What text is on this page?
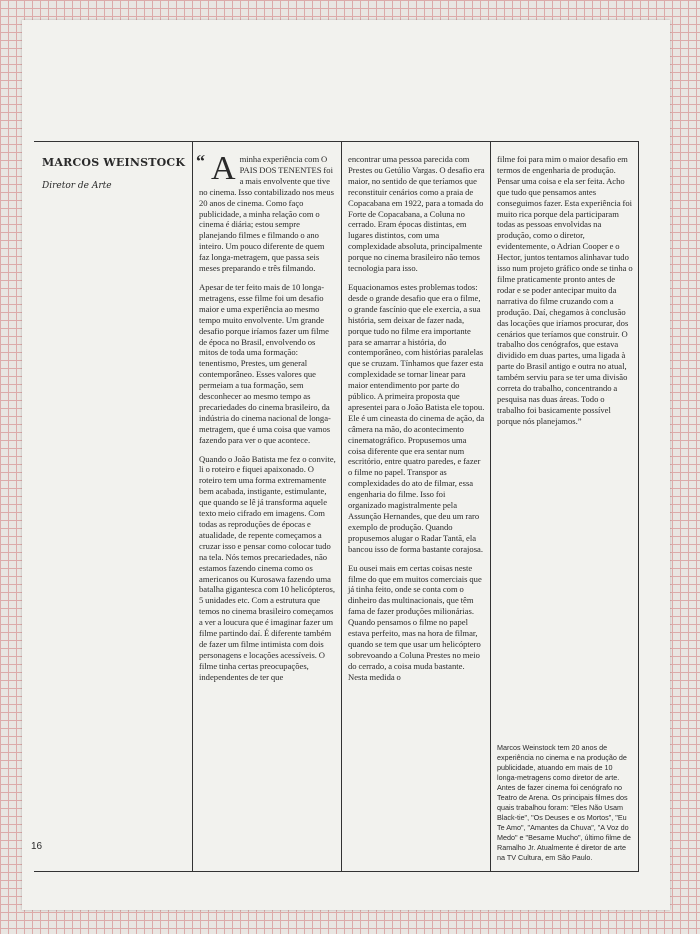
MARCOS WEINSTOCK

Diretor de Arte

“ A minha experiência com O PAIS DOS TENENTES foi a mais envolvente que tive no cinema. Isso contabilizado nos meus 20 anos de cinema. Como faço publicidade, a minha relação com o cinema é diária; estou sempre planejando filmes e filmando o ano inteiro. Um pouco diferente de quem faz longa-metragem, que passa seis meses preparando e três filmando.

Apesar de ter feito mais de 10 longa-metragens, esse filme foi um desafio maior e uma experiência ao mesmo tempo muito envolvente. Um grande desafio porque iríamos fazer um filme de época no Brasil, envolvendo os mitos de toda uma formação: tenentismo, Prestes, um general contemporâneo. Esses valores que permeiam a tua formação, sem desconhecer ao mesmo tempo as precariedades do cinema brasileiro, da indústria do cinema nacional de longa-metragem, que é uma coisa que vamos fazendo para ver o que acontece.

Quando o João Batista me fez o convite, li o roteiro e fiquei apaixonado. O roteiro tem uma forma extremamente bem acabada, instigante, estimulante, que quando se lê já transforma aquele texto meio cifrado em imagens. Com todas as reproduções de épocas e atualidade, de repente começamos a cruzar isso e pensar como colocar tudo na tela. Nós temos precariedades, não estamos fazendo cinema como os americanos ou Kurosawa fazendo uma batalha gigantesca com 10 helicópteros, 5 unidades etc. Com a estrutura que temos no cinema brasileiro começamos a ver a loucura que é imaginar fazer um filme partindo daí. É diferente também de fazer um filme intimista com dois personagens e locações acessíveis. O filme tinha certas preocupações, independentes de ter que

encontrar uma pessoa parecida com Prestes ou Getúlio Vargas. O desafio era maior, no sentido de que teríamos que reconstituir cenários como a praia de Copacabana em 1922, para a tomada do Forte de Copacabana, a Coluna no cerrado. Eram épocas distintas, em lugares distintos, com uma complexidade absoluta, principalmente porque no cinema brasileiro não temos tecnologia para isso.

Equacionamos estes problemas todos: desde o grande desafio que era o filme, o grande fascínio que ele exercia, a sua história, sem deixar de fazer nada, porque tudo no filme era importante para se amarrar a história, do contemporâneo, com histórias paralelas que se cruzam. Tínhamos que fazer esta complexidade se tornar linear para maior entendimento por parte do público. A primeira proposta que apresentei para o João Batista ele topou. Ele é um cineasta do cinema de ação, da câmera na mão, do acontecimento cinematográfico. Propusemos uma coisa diferente que era sentar num escritório, entre quatro paredes, e fazer o filme no papel. Transpor as complexidades do ato de filmar, essa engenharia do filme. Isso foi organizado magistralmente pela Assunção Hernandes, que deu um raro exemplo de produção. Quando propusemos alugar o Radar Tantã, ela bancou isso de forma bastante corajosa.

Eu ousei mais em certas coisas neste filme do que em muitos comerciais que já tinha feito, onde se conta com o dinheiro das multinacionais, que têm fama de fazer produções milionárias. Quando pensamos o filme no papel estava perfeito, mas na hora de filmar, quando se tem que usar um helicóptero sobrevoando a Coluna Prestes no meio do cerrado, a coisa muda bastante. Nesta medida o

filme foi para mim o maior desafio em termos de engenharia de produção. Pensar uma coisa e ela ser feita. Acho que tudo que pensamos antes conseguimos fazer. Esta experiência foi muito rica porque dela participaram todas as pessoas envolvidas na produção, como o diretor, evidentemente, o Adrian Cooper e o Hector, juntos tentamos alinhavar tudo isso num projeto gráfico onde se tinha o filme praticamente pronto antes de rodar e se poder antecipar muito da narrativa do filme cruzando com a produção. Daí, chegamos à conclusão das locações que iríamos procurar, dos cenários que teríamos que construir. O trabalho dos cenógrafos, que estava dividido em duas partes, uma ligada à parte do Brasil antigo e outra no atual, também serviu para se ter uma divisão correta do trabalho, concentrando a pesquisa nas duas áreas. Todo o trabalho foi basicamente possível porque nós planejamos.”

Marcos Weinstock tem 20 anos de experiência no cinema e na produção de publicidade, atuando em mais de 10 longa-metragens como diretor de arte. Antes de fazer cinema foi cenógrafo no Teatro de Arena. Os principais filmes dos quais trabalhou foram: "Eles Não Usam Black-tie", "Os Deuses e os Mortos", "Eu Te Amo", "Amantes da Chuva", "A Voz do Medo" e "Besame Mucho", último filme de Ramalho Jr. Atualmente é diretor de arte na TV Cultura, em São Paulo.

16
